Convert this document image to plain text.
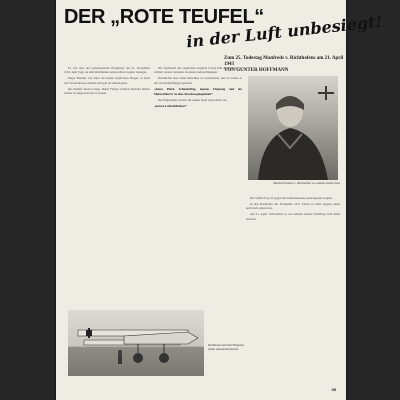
DER „ROTE TEUFEL“
in der Luft unbesiegt!
Zum 25. Todestag Manfreds v. Richthofens am 21. April 1943
VON GUNTER HOFFMANN

Es war eine der bedeutsamsten Ereignisse am 21. November 1916, dem Tage, an dem Richthofen seinen elften Gegner besiegte.

Major Hawker war einer der besten englischen Flieger; er hatte das Victoriakreuz erhalten und galt als unbesiegbar.

Der Kampf dauerte lange. Beide Flieger suchten einander immer wieder in engen Kurven zu fassen.

Die Tapferkeit des englischen Gegners zwang ihm Achtung ab, er schrieb spaeter darueber in seinen Aufzeichnungen.

Richthofen liess seine Maschine rot anstreichen, und so wurde er der rote Kampfflieger genannt.

„Rotes Pferd, Schlachtflug, eigenes Flugzeug und ein Meisterlehrer! So eine Abschussgelegenheit“

Die Englaender setzten auf seinen Kopf einen Preis aus.

„unsere Luftschiffahrer“
Manfred Freiherr v. Richthofen vor seinem letzten Start

Die Staffel flog oft gegen die zahlenmaessig ueberlegenen Gegner.

In den Kaempfen des Fruehjahrs 1917 schoss er seine Gegner einen nach dem anderen ab.

Am 21. April 1918 kehrte er von seinem letzten Feindflug nicht mehr zurueck.

Richthofen auf dem Flugplatz neben seinem Dreidecker
39
